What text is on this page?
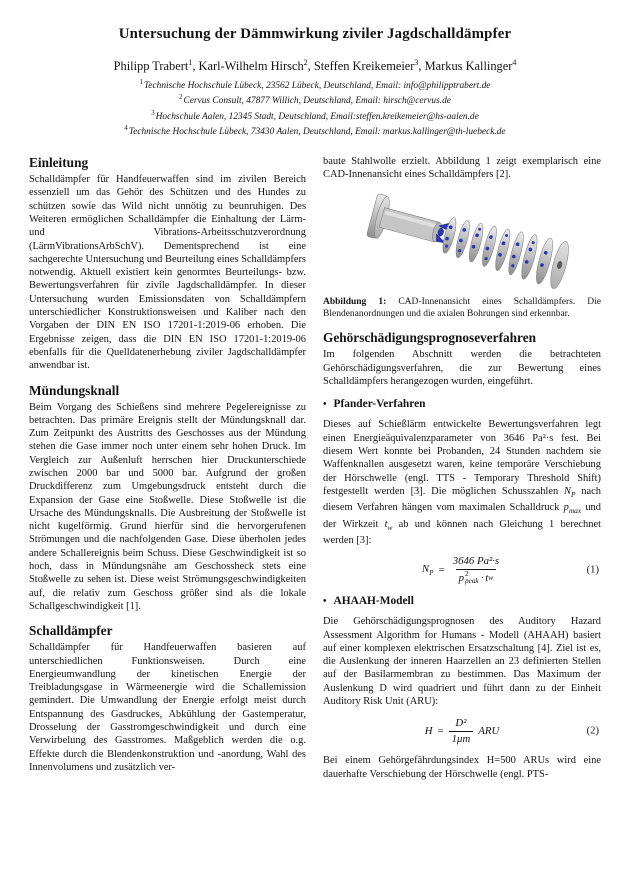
Untersuchung der Dämmwirkung ziviler Jagdschalldämpfer

Philipp Trabert$^1$, Karl-Wilhelm Hirsch$^2$, Steffen Kreikemeier$^3$, Markus Kallinger$^4$

$^1$Technische Hochschule Lübeck, 23562 Lübeck, Deutschland, Email: info@philipptrabert.de

$^2$Cervus Consult, 47877 Willich, Deutschland, Email: hirsch@cervus.de

$^3$Hochschule Aalen, 12345 Stadt, Deutschland, Email:steffen.kreikemeier@hs-aalen.de

$^4$Technische Hochschule Lübeck, 73430 Aalen, Deutschland, Email: markus.kallinger@th-luebeck.de

Einleitung

Schalldämpfer für Handfeuerwaffen sind im zivilen Bereich essenziell um das Gehör des Schützen und des Hundes zu schützen sowie das Wild nicht unnötig zu beunruhigen. Des Weiteren ermöglichen Schalldämpfer die Einhaltung der Lärm- und Vibrations-Arbeitsschutzverordnung (LärmVibrationsArbSchV). Dementsprechend ist eine sachgerechte Untersuchung und Beurteilung eines Schalldämpfers notwendig. Aktuell existiert kein genormtes Beurteilungs- bzw. Bewertungsverfahren für zivile Jagdschalldämpfer. In dieser Untersuchung wurden Emissionsdaten von Schalldämpfern unterschiedlicher Konstruktionsweisen und Kaliber nach den Vorgaben der DIN EN ISO 17201-1:2019-06 erhoben. Die Ergebnisse zeigen, dass die DIN EN ISO 17201-1:2019-06 ebenfalls für die Quelldatenerhebung ziviler Jagdschalldämpfer anwendbar ist.

Mündungsknall

Beim Vorgang des Schießens sind mehrere Pegelereignisse zu betrachten. Das primäre Ereignis stellt der Mündungsknall dar. Zum Zeitpunkt des Austritts des Geschosses aus der Mündung stehen die Gase immer noch unter einem sehr hohen Druck. Im Vergleich zur Außenluft herrschen hier Druckunterschiede zwischen 2000 bar und 5000 bar. Aufgrund der großen Druckdifferenz zum Umgebungsdruck entsteht durch die Expansion der Gase eine Stoßwelle. Diese Stoßwelle ist die Ursache des Mündungsknalls. Die Ausbreitung der Stoßwelle ist nicht kugelförmig. Grund hierfür sind die hervorgerufenen Strömungen und die nachfolgenden Gase. Diese überholen jedes andere Schallereignis beim Schuss. Diese Geschwindigkeit ist so hoch, dass in Mündungsnähe am Geschossheck stets eine Stoßwelle zu sehen ist. Diese weist Strömungsgeschwindigkeiten auf, die relativ zum Geschoss größer sind als die lokale Schallgeschwindigkeit [1].

Schalldämpfer

Schalldämpfer für Handfeuerwaffen basieren auf unterschiedlichen Funktionsweisen. Durch eine Energieumwandlung der kinetischen Energie der Treibladungsgase in Wärmeenergie wird die Schallemission gemindert. Die Umwandlung der Energie erfolgt meist durch Entspannung des Gasdruckes, Abkühlung der Gastemperatur, Drosselung der Gasstromgeschwindigkeit und durch eine Verwirbelung des Gasstromes. Maßgeblich werden die o.g. Effekte durch die Blendenkonstruktion und -anordung, Wahl des Innenvolumens und zusätzlich ver-

baute Stahlwolle erzielt. Abbildung 1 zeigt exemplarisch eine CAD-Innenansicht eines Schalldämpfers [2].

Abbildung 1: CAD-Innenansicht eines Schalldämpfers. Die Blendenanordnungen und die axialen Bohrungen sind erkennbar.

Gehörschädigungsprognoseverfahren

Im folgenden Abschnitt werden die betrachteten Gehörschädigungsverfahren, die zur Bewertung eines Schalldämpfers herangezogen wurden, eingeführt.

• Pfander-Verfahren

Dieses auf Schießlärm entwickelte Bewertungsverfahren legt einen Energieäquivalenzparameter von 3646 Pa²·s fest. Bei diesem Wert konnte bei Probanden, 24 Stunden nachdem sie Waffenknallen ausgesetzt waren, keine temporäre Verschiebung der Hörschwelle (engl. TTS - Temporary Threshold Shift) festgestellt werden [3]. Die möglichen Schusszahlen $N_P$ nach diesem Verfahren hängen vom maximalen Schalldruck $p_{max}$ und der Wirkzeit $t_w$ ab und können nach Gleichung 1 berechnet werden [3]:

$N_P = 3646$ Pa²·s
p 2
peak · t w	(1)
• AHAAH-Modell

Die Gehörschädigungsprognosen des Auditory Hazard Assessment Algorithm for Humans - Modell (AHAAH) basiert auf einer komplexen elektrischen Ersatzschaltung [4]. Ziel ist es, die Auslenkung der inneren Haarzellen an 23 definierten Stellen auf der Basilarmembran zu bestimmen. Das Maximum der Auslenkung D wird quadriert und führt dann zu der Einheit Auditory Risk Unit (ARU):

$H = \frac{\text{D²}}{1\mu m}$ ARU	(2)

Bei einem Gehörgefährdungsindex H=500 ARUs wird eine dauerhafte Verschiebung der Hörschwelle (engl. PTS-
